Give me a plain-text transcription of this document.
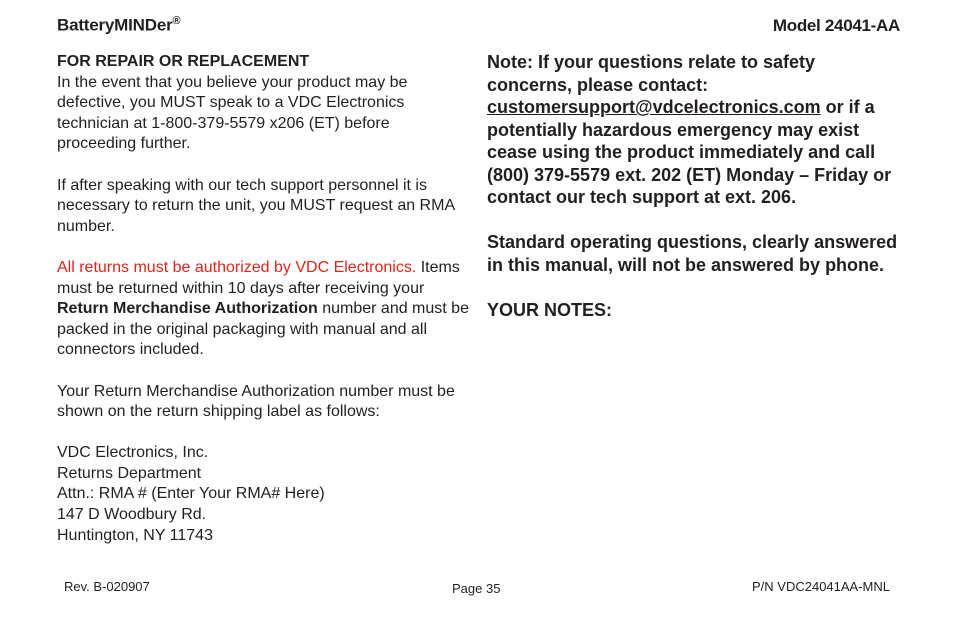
BatteryMINDer®	Model 24041-AA

FOR REPAIR OR REPLACEMENT

In the event that you believe your product may be defective, you MUST speak to a VDC Electronics technician at 1-800-379-5579 x206 (ET) before proceeding further.

If after speaking with our tech support personnel it is necessary to return the unit, you MUST request an RMA number.

All returns must be authorized by VDC Electronics. Items must be returned within 10 days after receiving your Return Merchandise Authorization number and must be packed in the original packaging with manual and all connectors included.

Your Return Merchandise Authorization number must be shown on the return shipping label as follows:

VDC Electronics, Inc.

Returns Department

Attn.: RMA # (Enter Your RMA# Here)

147 D Woodbury Rd.

Huntington, NY 11743

Note: If your questions relate to safety concerns, please contact:
customersupport@vdcelectronics.com or if a potentially hazardous emergency may exist cease using the product immediately and call (800) 379-5579 ext. 202 (ET) Monday – Friday or contact our tech support at ext. 206.

Standard operating questions, clearly answered in this manual, will not be answered by phone.

YOUR NOTES:

Rev. B-020907	Page 35	P/N VDC24041AA-MNL
